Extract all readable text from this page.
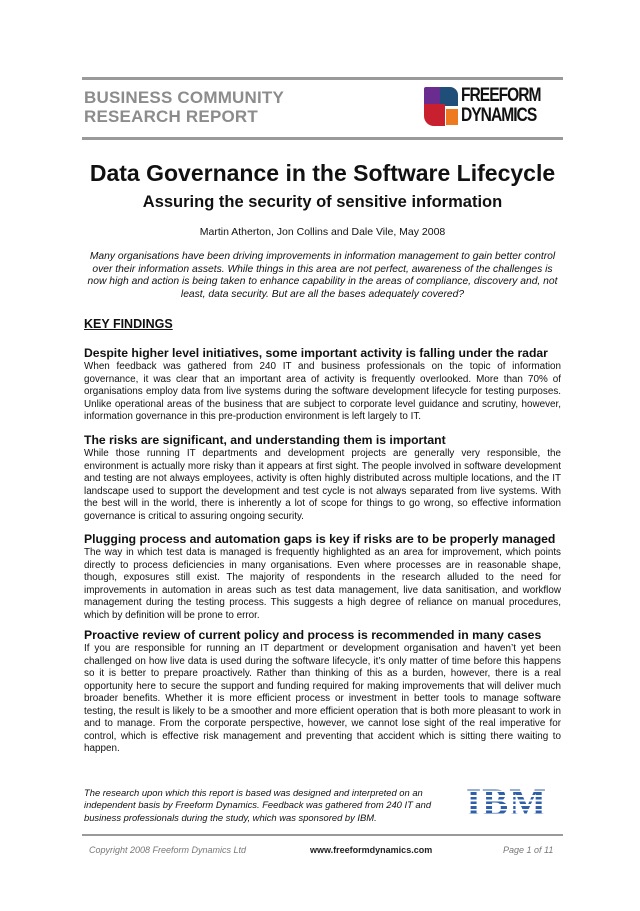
BUSINESS COMMUNITY
RESEARCH REPORT
FREEFORM
DYNAMICS
Data Governance in the Software Lifecycle
Assuring the security of sensitive information
Martin Atherton, Jon Collins and Dale Vile, May 2008
Many organisations have been driving improvements in information management to gain better control over their information assets. While things in this area are not perfect, awareness of the challenges is now high and action is being taken to enhance capability in the areas of compliance, discovery and, not least, data security. But are all the bases adequately covered?
KEY FINDINGS
Despite higher level initiatives, some important activity is falling under the radar

When feedback was gathered from 240 IT and business professionals on the topic of information governance, it was clear that an important area of activity is frequently overlooked. More than 70% of organisations employ data from live systems during the software development lifecycle for testing purposes. Unlike operational areas of the business that are subject to corporate level guidance and scrutiny, however, information governance in this pre-production environment is left largely to IT.

The risks are significant, and understanding them is important

While those running IT departments and development projects are generally very responsible, the environment is actually more risky than it appears at first sight. The people involved in software development and testing are not always employees, activity is often highly distributed across multiple locations, and the IT landscape used to support the development and test cycle is not always separated from live systems. With the best will in the world, there is inherently a lot of scope for things to go wrong, so effective information governance is critical to assuring ongoing security.

Plugging process and automation gaps is key if risks are to be properly managed

The way in which test data is managed is frequently highlighted as an area for improvement, which points directly to process deficiencies in many organisations. Even where processes are in reasonable shape, though, exposures still exist. The majority of respondents in the research alluded to the need for improvements in automation in areas such as test data management, live data sanitisation, and workflow management during the testing process. This suggests a high degree of reliance on manual procedures, which by definition will be prone to error.

Proactive review of current policy and process is recommended in many cases

If you are responsible for running an IT department or development organisation and haven’t yet been challenged on how live data is used during the software lifecycle, it’s only matter of time before this happens so it is better to prepare proactively. Rather than thinking of this as a burden, however, there is a real opportunity here to secure the support and funding required for making improvements that will deliver much broader benefits. Whether it is more efficient process or investment in better tools to manage software testing, the result is likely to be a smoother and more efficient operation that is both more pleasant to work in and to manage. From the corporate perspective, however, we cannot lose sight of the real imperative for control, which is effective risk management and preventing that accident which is sitting there waiting to happen.

The research upon which this report is based was designed and interpreted on an independent basis by Freeform Dynamics. Feedback was gathered from 240 IT and business professionals during the study, which was sponsored by IBM.	IBM
Copyright 2008 Freeform Dynamics Ltd	www.freeformdynamics.com	Page 1 of 11
